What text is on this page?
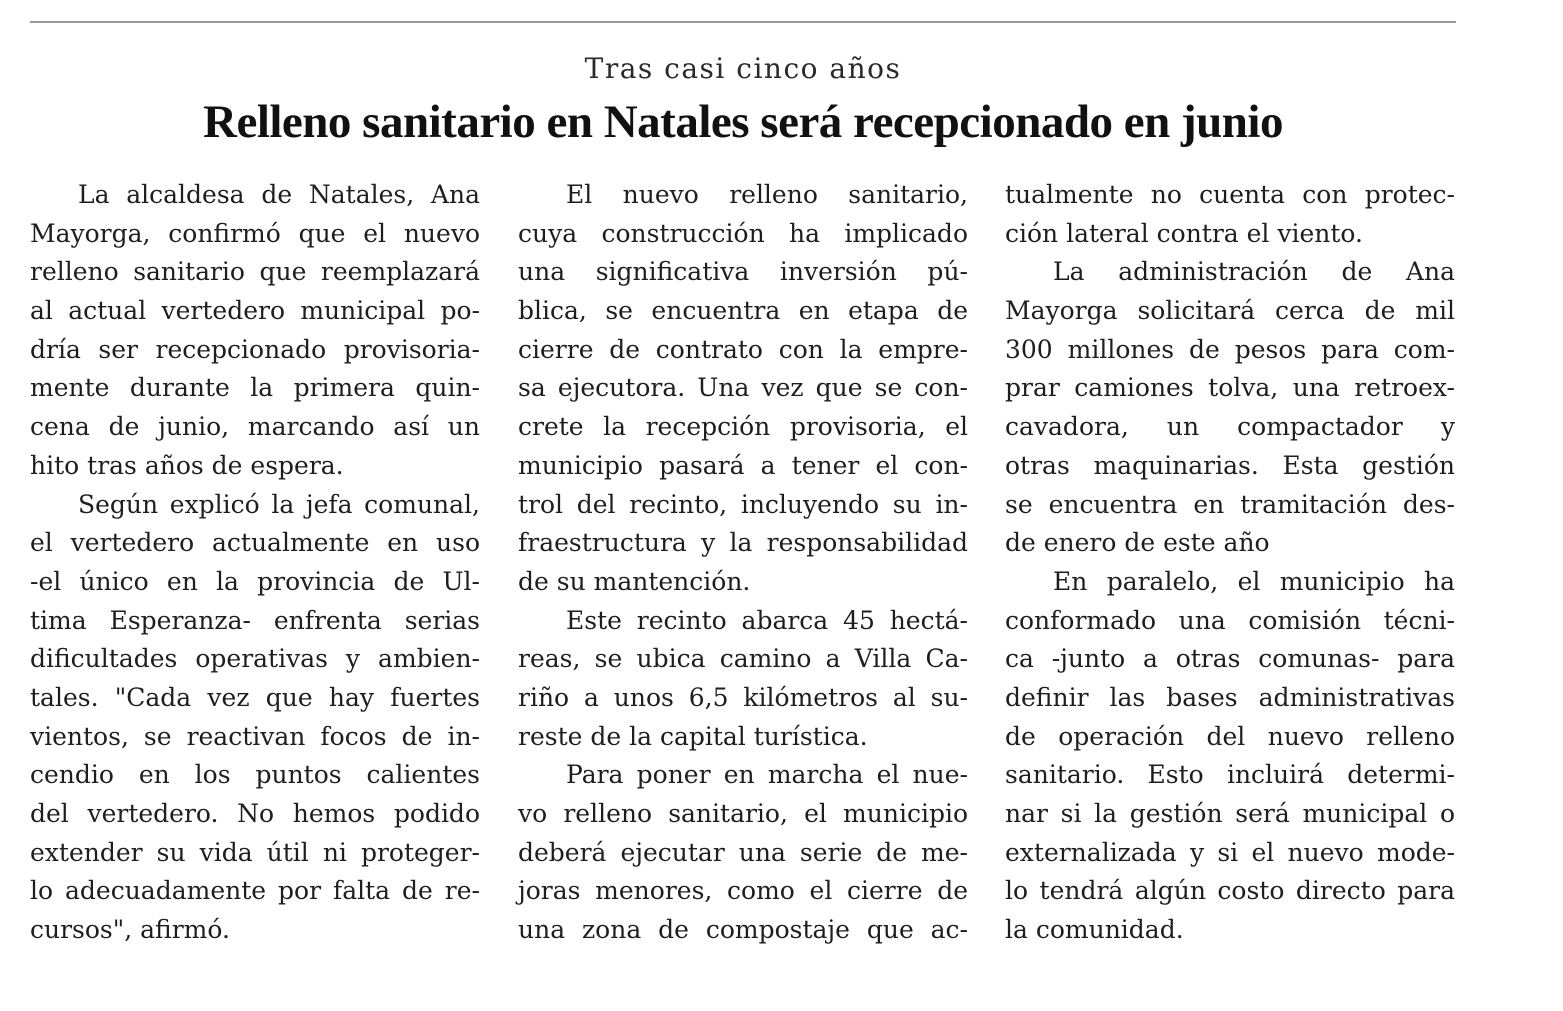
Tras casi cinco años
Relleno sanitario en Natales será recepcionado en junio
La alcaldesa de Natales, Ana
Mayorga, confirmó que el nuevo
relleno sanitario que reemplazará
al actual vertedero municipal po-
dría ser recepcionado provisoria-
mente durante la primera quin-
cena de junio, marcando así un
hito tras años de espera.
Según explicó la jefa comunal,
el vertedero actualmente en uso
-el único en la provincia de Ul-
tima Esperanza- enfrenta serias
dificultades operativas y ambien-
tales. "Cada vez que hay fuertes
vientos, se reactivan focos de in-
cendio en los puntos calientes
del vertedero. No hemos podido
extender su vida útil ni proteger-
lo adecuadamente por falta de re-
cursos", afirmó.
El nuevo relleno sanitario,
cuya construcción ha implicado
una significativa inversión pú-
blica, se encuentra en etapa de
cierre de contrato con la empre-
sa ejecutora. Una vez que se con-
crete la recepción provisoria, el
municipio pasará a tener el con-
trol del recinto, incluyendo su in-
fraestructura y la responsabilidad
de su mantención.
Este recinto abarca 45 hectá-
reas, se ubica camino a Villa Ca-
riño a unos 6,5 kilómetros al su-
reste de la capital turística.
Para poner en marcha el nue-
vo relleno sanitario, el municipio
deberá ejecutar una serie de me-
joras menores, como el cierre de
una zona de compostaje que ac-
tualmente no cuenta con protec-
ción lateral contra el viento.
La administración de Ana
Mayorga solicitará cerca de mil
300 millones de pesos para com-
prar camiones tolva, una retroex-
cavadora, un compactador y
otras maquinarias. Esta gestión
se encuentra en tramitación des-
de enero de este año
En paralelo, el municipio ha
conformado una comisión técni-
ca -junto a otras comunas- para
definir las bases administrativas
de operación del nuevo relleno
sanitario. Esto incluirá determi-
nar si la gestión será municipal o
externalizada y si el nuevo mode-
lo tendrá algún costo directo para
la comunidad.
